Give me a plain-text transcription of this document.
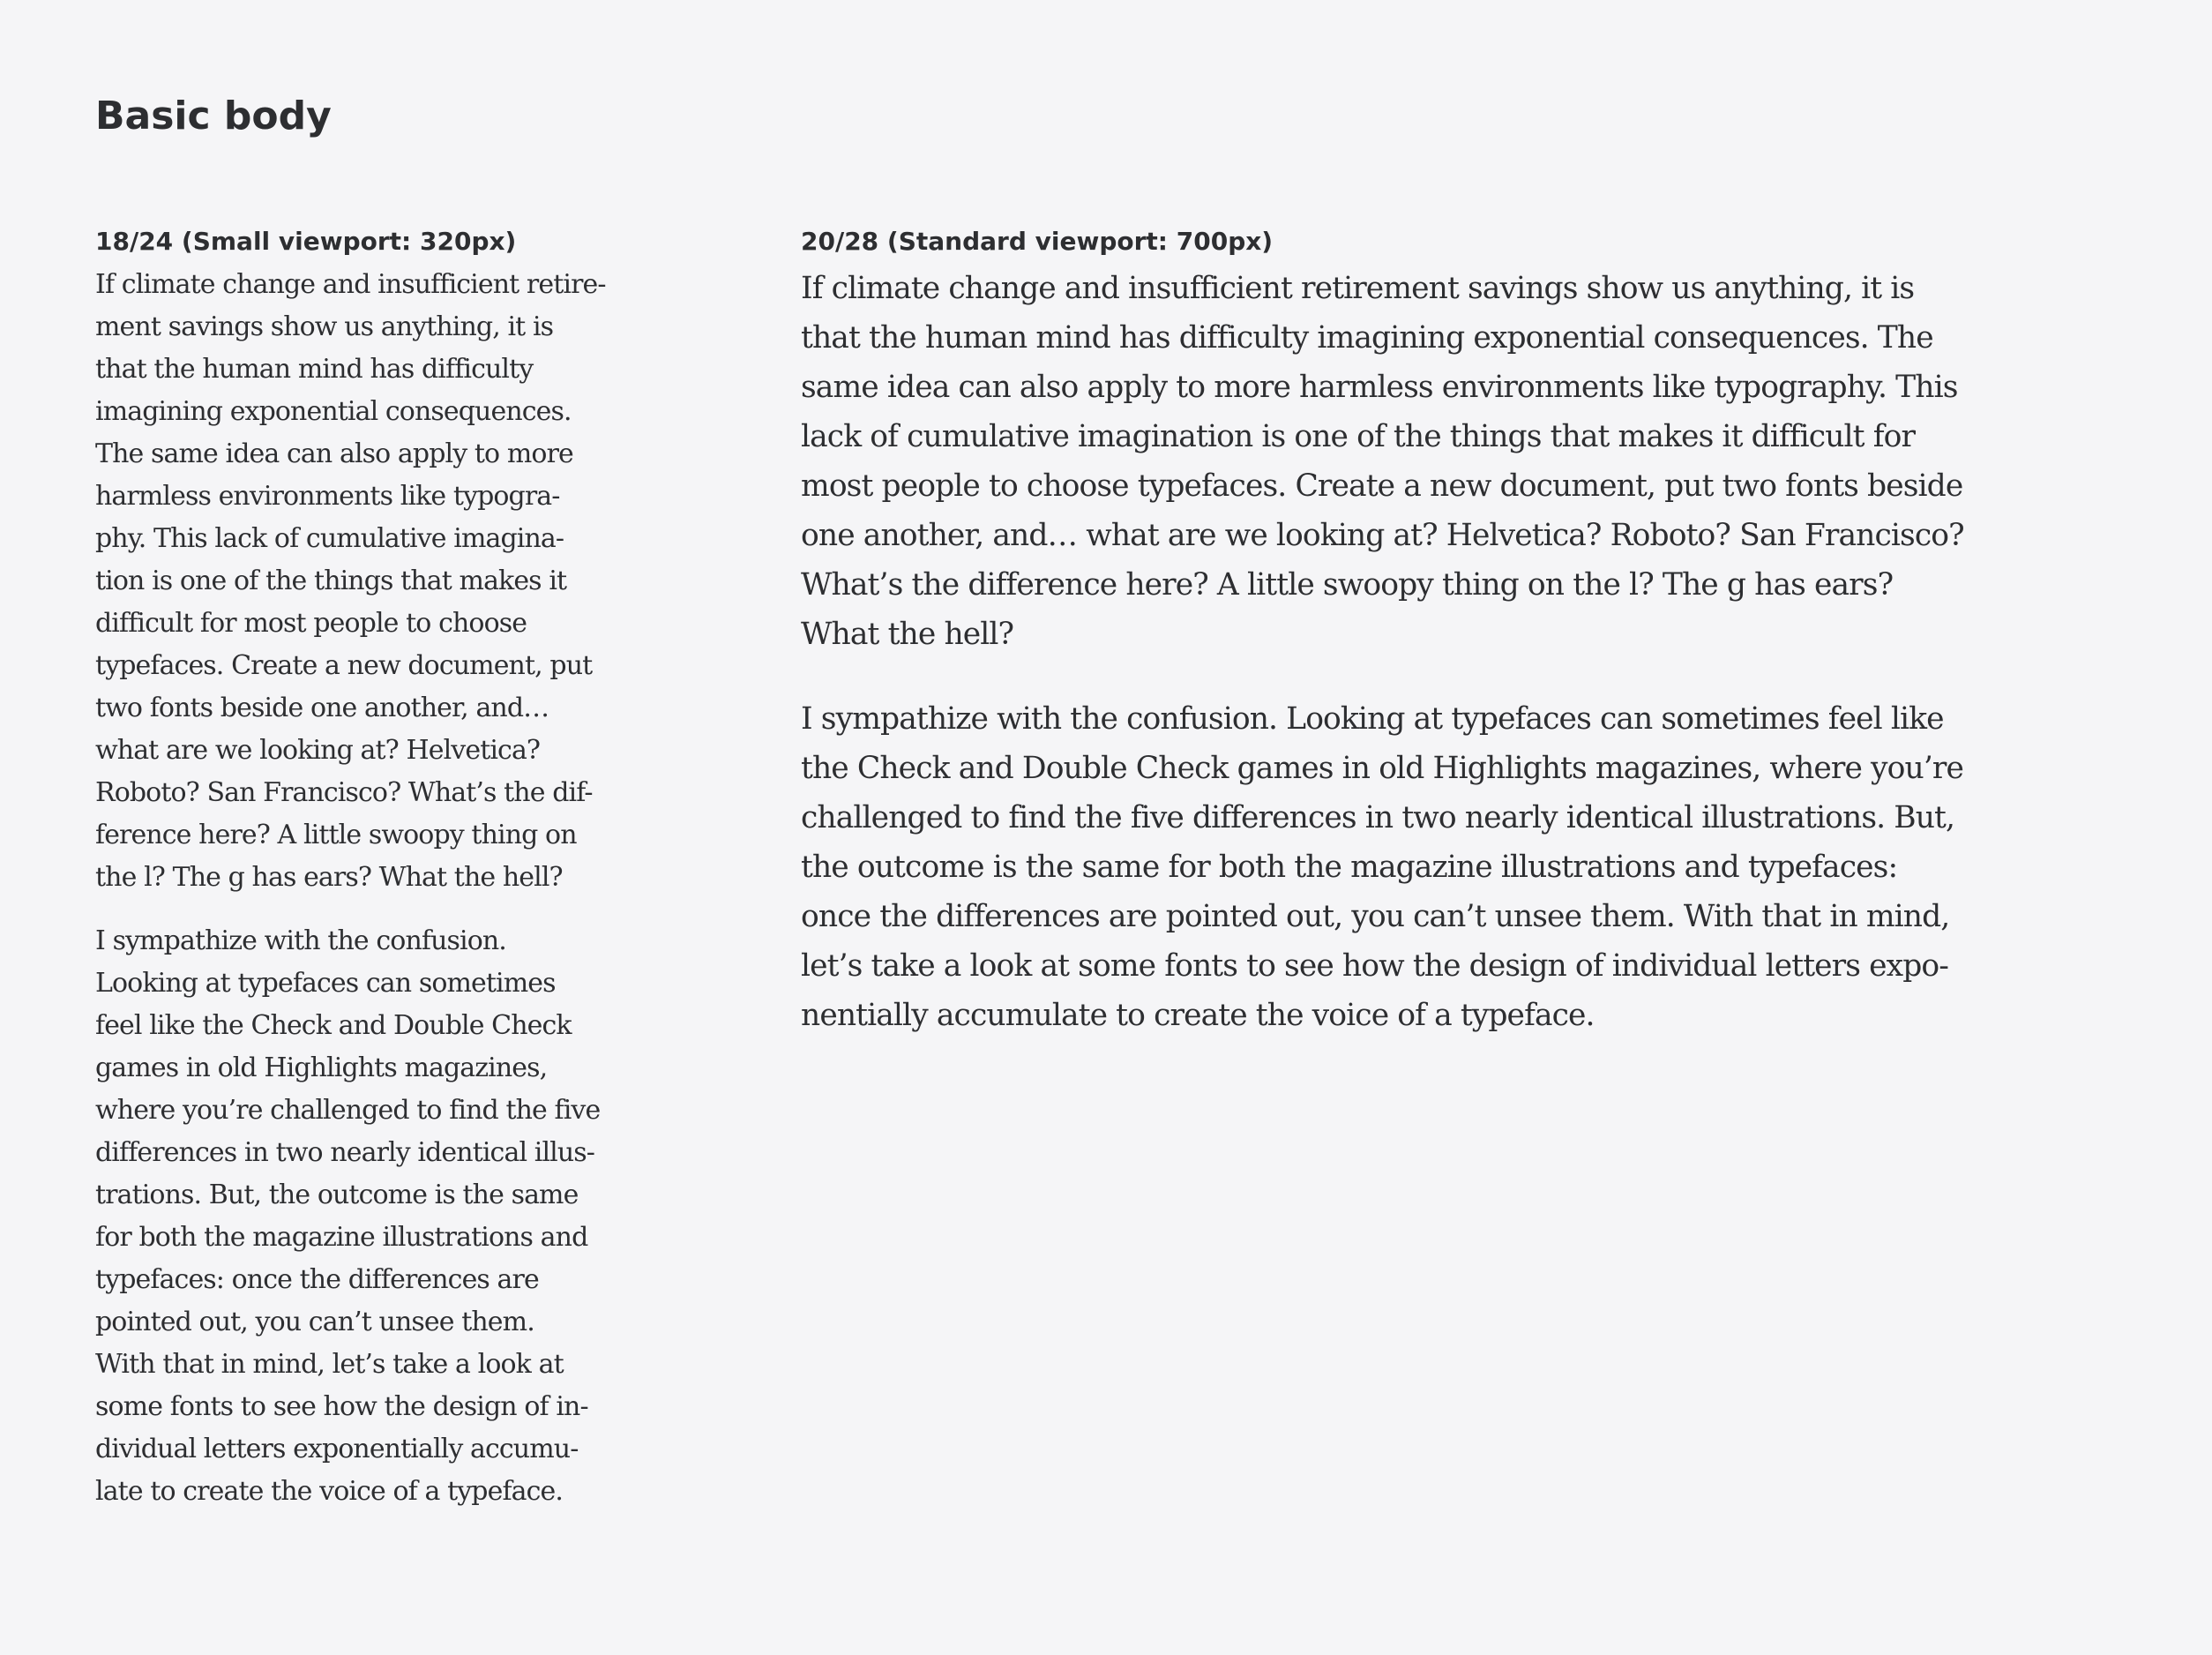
Basic body
18/24 (Small viewport: 320px)

If climate change and insufficient retire-
ment savings show us anything, it is
that the human mind has difficulty
imagining exponential consequences.
The same idea can also apply to more
harmless environments like typogra-
phy. This lack of cumulative imagina-
tion is one of the things that makes it
difficult for most people to choose
typefaces. Create a new document, put
two fonts beside one another, and…
what are we looking at? Helvetica?
Roboto? San Francisco? What’s the dif-
ference here? A little swoopy thing on
the l? The g has ears? What the hell?

I sympathize with the confusion.
Looking at typefaces can sometimes
feel like the Check and Double Check
games in old Highlights magazines,
where you’re challenged to find the five
differences in two nearly identical illus-
trations. But, the outcome is the same
for both the magazine illustrations and
typefaces: once the differences are
pointed out, you can’t unsee them.
With that in mind, let’s take a look at
some fonts to see how the design of in-
dividual letters exponentially accumu-
late to create the voice of a typeface.

20/28 (Standard viewport: 700px)

If climate change and insufficient retirement savings show us anything, it is
that the human mind has difficulty imagining exponential consequences. The
same idea can also apply to more harmless environments like typography. This
lack of cumulative imagination is one of the things that makes it difficult for
most people to choose typefaces. Create a new document, put two fonts beside
one another, and… what are we looking at? Helvetica? Roboto? San Francisco?
What’s the difference here? A little swoopy thing on the l? The g has ears?
What the hell?

I sympathize with the confusion. Looking at typefaces can sometimes feel like
the Check and Double Check games in old Highlights magazines, where you’re
challenged to find the five differences in two nearly identical illustrations. But,
the outcome is the same for both the magazine illustrations and typefaces:
once the differences are pointed out, you can’t unsee them. With that in mind,
let’s take a look at some fonts to see how the design of individual letters expo-
nentially accumulate to create the voice of a typeface.
